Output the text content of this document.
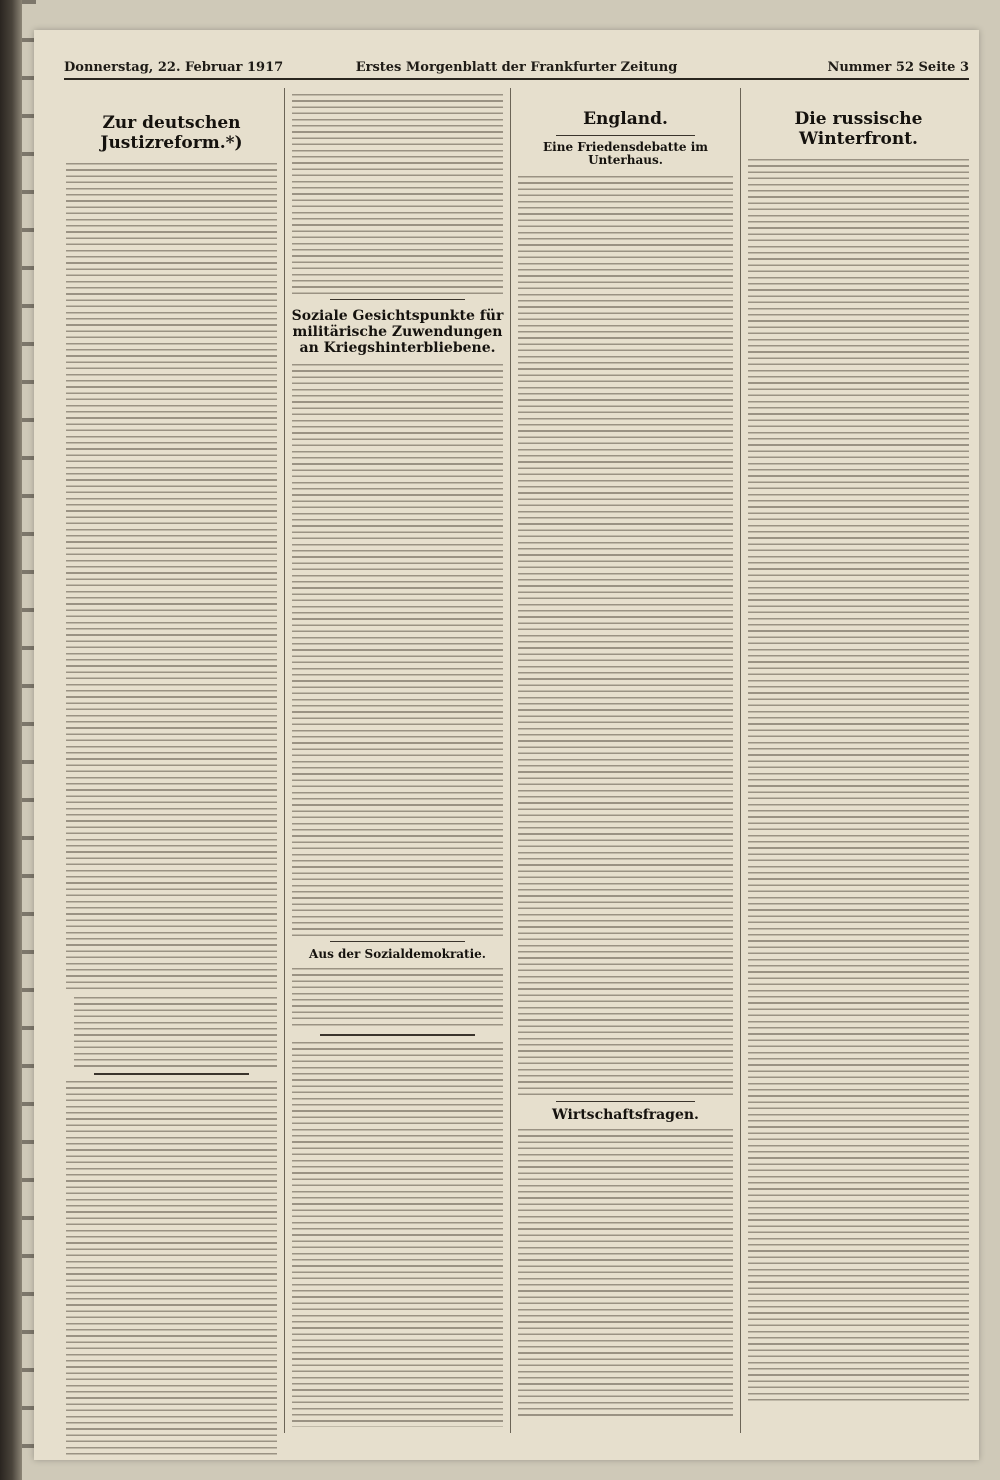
Donnerstag, 22. Februar 1917	Erstes Morgenblatt der Frankfurter Zeitung	Nummer 52 Seite 3
Zur deutschen Justizreform.*)
Soziale Gesichtspunkte für militärische Zuwendungen an Kriegshinterbliebene.
Aus der Sozialdemokratie.
England.
Eine Friedensdebatte im Unterhaus.
Wirtschaftsfragen.
Die russische Winterfront.
